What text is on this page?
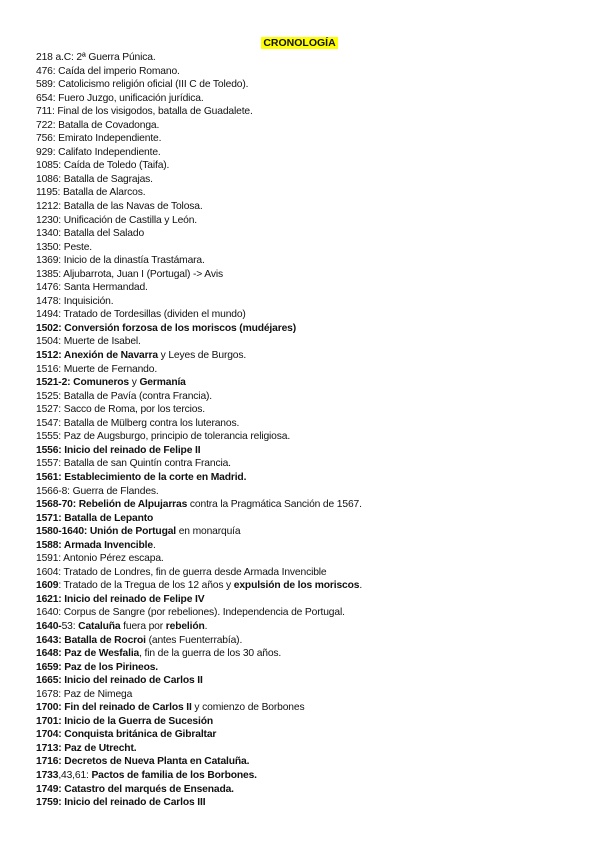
CRONOLOGÍA
218 a.C: 2ª Guerra Púnica.
476: Caída del imperio Romano.
589: Catolicismo religión oficial (III C de Toledo).
654: Fuero Juzgo, unificación jurídica.
711: Final de los visigodos, batalla de Guadalete.
722: Batalla de Covadonga.
756: Emirato Independiente.
929: Califato Independiente.
1085: Caída de Toledo (Taifa).
1086: Batalla de Sagrajas.
1195: Batalla de Alarcos.
1212: Batalla de las Navas de Tolosa.
1230: Unificación de Castilla y León.
1340: Batalla del Salado
1350: Peste.
1369: Inicio de la dinastía Trastámara.
1385: Aljubarrota, Juan I (Portugal) -> Avis
1476: Santa Hermandad.
1478: Inquisición.
1494: Tratado de Tordesillas (dividen el mundo)
1502: Conversión forzosa de los moriscos (mudéjares)
1504: Muerte de Isabel.
1512: Anexión de Navarra y Leyes de Burgos.
1516: Muerte de Fernando.
1521-2: Comuneros y Germanía
1525: Batalla de Pavía (contra Francia).
1527: Sacco de Roma, por los tercios.
1547: Batalla de Mülberg contra los luteranos.
1555: Paz de Augsburgo, principio de tolerancia religiosa.
1556: Inicio del reinado de Felipe II
1557: Batalla de san Quintín contra Francia.
1561: Establecimiento de la corte en Madrid.
1566-8: Guerra de Flandes.
1568-70: Rebelión de Alpujarras contra la Pragmática Sanción de 1567.
1571: Batalla de Lepanto
1580-1640: Unión de Portugal en monarquía
1588: Armada Invencible.
1591: Antonio Pérez escapa.
1604: Tratado de Londres, fin de guerra desde Armada Invencible
1609: Tratado de la Tregua de los 12 años y expulsión de los moriscos.
1621: Inicio del reinado de Felipe IV
1640: Corpus de Sangre (por rebeliones). Independencia de Portugal.
1640-53: Cataluña fuera por rebelión.
1643: Batalla de Rocroi (antes Fuenterrabía).
1648: Paz de Wesfalia, fin de la guerra de los 30 años.
1659: Paz de los Pirineos.
1665: Inicio del reinado de Carlos II
1678: Paz de Nimega
1700: Fin del reinado de Carlos II y comienzo de Borbones
1701: Inicio de la Guerra de Sucesión
1704: Conquista británica de Gibraltar
1713: Paz de Utrecht.
1716: Decretos de Nueva Planta en Cataluña.
1733,43,61: Pactos de familia de los Borbones.
1749: Catastro del marqués de Ensenada.
1759: Inicio del reinado de Carlos III
